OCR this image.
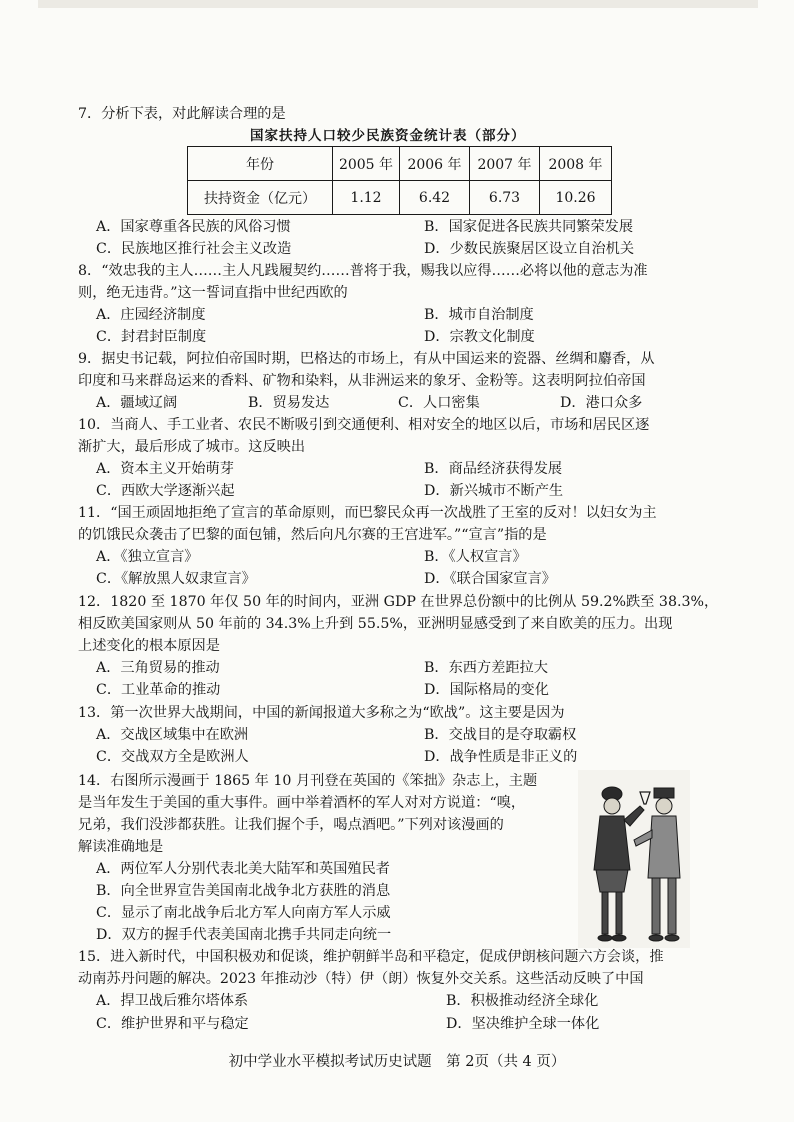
7．分析下表，对此解读合理的是
国家扶持人口较少民族资金统计表（部分）
年份	2005 年	2006 年	2007 年	2008 年
扶持资金（亿元）	1.12	6.42	6.73	10.26
A．国家尊重各民族的风俗习惯	B．国家促进各民族共同繁荣发展
C．民族地区推行社会主义改造	D．少数民族聚居区设立自治机关
8．“效忠我的主人……主人凡践履契约……普将于我，赐我以应得……必将以他的意志为准
则，绝无违背。”这一誓词直指中世纪西欧的
A．庄园经济制度	B．城市自治制度
C．封君封臣制度	D．宗教文化制度
9．据史书记载，阿拉伯帝国时期，巴格达的市场上，有从中国运来的瓷器、丝绸和麝香，从
印度和马来群岛运来的香料、矿物和染料，从非洲运来的象牙、金粉等。这表明阿拉伯帝国
A．疆域辽阔	B．贸易发达	C．人口密集	D．港口众多
10．当商人、手工业者、农民不断吸引到交通便利、相对安全的地区以后，市场和居民区逐
渐扩大，最后形成了城市。这反映出
A．资本主义开始萌芽	B．商品经济获得发展
C．西欧大学逐渐兴起	D．新兴城市不断产生
11．“国王顽固地拒绝了宣言的革命原则，而巴黎民众再一次战胜了王室的反对！以妇女为主
的饥饿民众袭击了巴黎的面包铺，然后向凡尔赛的王宫进军。”“宣言”指的是
A．《独立宣言》	B．《人权宣言》
C．《解放黑人奴隶宣言》	D．《联合国家宣言》
12．1820 至 1870 年仅 50 年的时间内，亚洲 GDP 在世界总份额中的比例从 59.2%跌至 38.3%，
相反欧美国家则从 50 年前的 34.3%上升到 55.5%，亚洲明显感受到了来自欧美的压力。出现
上述变化的根本原因是
A．三角贸易的推动	B．东西方差距拉大
C．工业革命的推动	D．国际格局的变化
13．第一次世界大战期间，中国的新闻报道大多称之为“欧战”。这主要是因为
A．交战区域集中在欧洲	B．交战目的是夺取霸权
C．交战双方全是欧洲人	D．战争性质是非正义的
14．右图所示漫画于 1865 年 10 月刊登在英国的《笨拙》杂志上，主题
是当年发生于美国的重大事件。画中举着酒杯的军人对对方说道：“嗅，
兄弟，我们没涉都获胜。让我们握个手，喝点酒吧。”下列对该漫画的
解读准确地是
A．两位军人分别代表北美大陆军和英国殖民者
B．向全世界宣告美国南北战争北方获胜的消息
C．显示了南北战争后北方军人向南方军人示威
D．双方的握手代表美国南北携手共同走向统一
15．进入新时代，中国积极劝和促谈，维护朝鲜半岛和平稳定，促成伊朗核问题六方会谈，推
动南苏丹问题的解决。2023 年推动沙（特）伊（朗）恢复外交关系。这些活动反映了中国
A．捍卫战后雅尔塔体系	B．积极推动经济全球化
C．维护世界和平与稳定	D．坚决维护全球一体化
初中学业水平模拟考试历史试题　第 2页（共 4 页）
